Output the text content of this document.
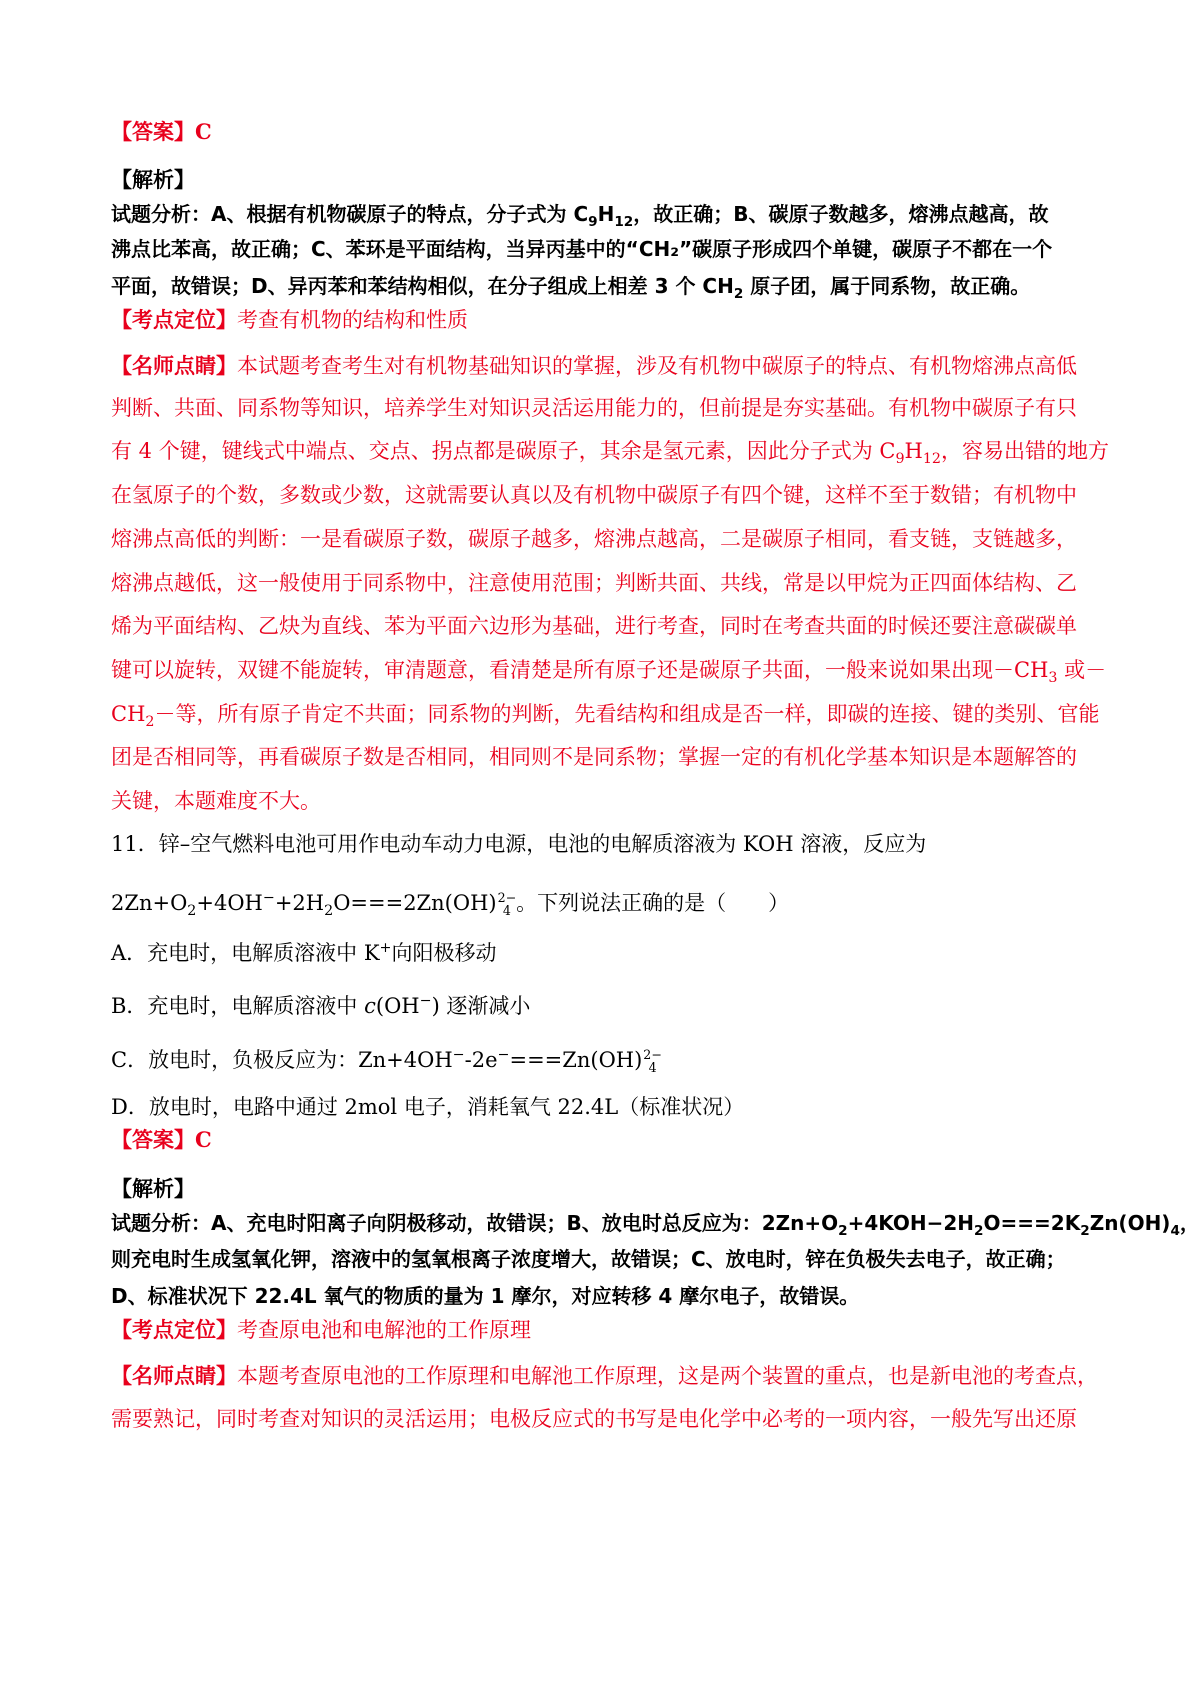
【答案】C
【解析】
试题分析：A、根据有机物碳原子的特点，分子式为 $C_9H_{12}$，故正确；B、碳原子数越多，熔沸点越高，故
沸点比苯高，故正确；C、苯环是平面结构，当异丙基中的“CH₂”碳原子形成四个单键，碳原子不都在一个
平面，故错误；D、异丙苯和苯结构相似，在分子组成上相差 3 个 $CH_2$ 原子团，属于同系物，故正确。
【考点定位】考查有机物的结构和性质
【名师点睛】本试题考查考生对有机物基础知识的掌握，涉及有机物中碳原子的特点、有机物熔沸点高低
判断、共面、同系物等知识，培养学生对知识灵活运用能力的，但前提是夯实基础。有机物中碳原子有只
有 4 个键，键线式中端点、交点、拐点都是碳原子，其余是氢元素，因此分子式为 $C_9H_{12}$，容易出错的地方
在氢原子的个数，多数或少数，这就需要认真以及有机物中碳原子有四个键，这样不至于数错；有机物中
熔沸点高低的判断：一是看碳原子数，碳原子越多，熔沸点越高，二是碳原子相同，看支链，支链越多，
熔沸点越低，这一般使用于同系物中，注意使用范围；判断共面、共线，常是以甲烷为正四面体结构、乙
烯为平面结构、乙炔为直线、苯为平面六边形为基础，进行考查，同时在考查共面的时候还要注意碳碳单
键可以旋转，双键不能旋转，审清题意，看清楚是所有原子还是碳原子共面，一般来说如果出现$-CH_3$ 或－
$CH_2-$等，所有原子肯定不共面；同系物的判断，先看结构和组成是否一样，即碳的连接、键的类别、官能
团是否相同等，再看碳原子数是否相同，相同则不是同系物；掌握一定的有机化学基本知识是本题解答的
关键，本题难度不大。
11．锌–空气燃料电池可用作电动车动力电源，电池的电解质溶液为 KOH 溶液，反应为
$2Zn+O_2+4OH^-+2H_2O===2Zn(OH)$ 2−
4 。下列说法正确的是（　　）
A．充电时，电解质溶液中 K+向阳极移动
B．充电时，电解质溶液中 c(OH−) 逐渐减小
C．放电时，负极反应为：Zn+4OH−-2e−===Zn(OH) 2−
4
D．放电时，电路中通过 2mol 电子，消耗氧气 22.4L（标准状况）
【答案】C
【解析】
试题分析：A、充电时阳离子向阴极移动，故错误；B、放电时总反应为：$2Zn+O_2+4KOH-2H_2O===2K_2Zn(OH)_4$，
则充电时生成氢氧化钾，溶液中的氢氧根离子浓度增大，故错误；C、放电时，锌在负极失去电子，故正确；
D、标准状况下 22.4L 氧气的物质的量为 1 摩尔，对应转移 4 摩尔电子，故错误。
【考点定位】考查原电池和电解池的工作原理
【名师点睛】本题考查原电池的工作原理和电解池工作原理，这是两个装置的重点，也是新电池的考查点，
需要熟记，同时考查对知识的灵活运用；电极反应式的书写是电化学中必考的一项内容，一般先写出还原
